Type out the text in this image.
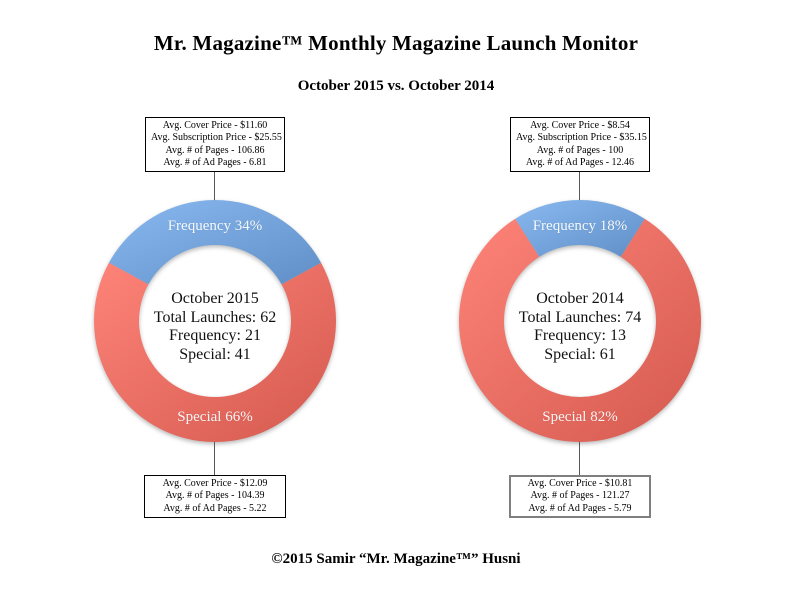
Mr. Magazine™ Monthly Magazine Launch Monitor
October 2015 vs. October 2014
Avg. Cover Price - $11.60
Avg. Subscription Price - $25.55
Avg. # of Pages - 106.86
Avg. # of Ad Pages - 6.81
Frequency 34%
Special 66%
October 2015
Total Launches: 62
Frequency: 21
Special: 41
Avg. Cover Price - $12.09
Avg. # of Pages - 104.39
Avg. # of Ad Pages - 5.22
Avg. Cover Price - $8.54
Avg. Subscription Price - $35.15
Avg. # of Pages - 100
Avg. # of Ad Pages - 12.46
Frequency 18%
Special 82%
October 2014
Total Launches: 74
Frequency: 13
Special: 61
Avg. Cover Price - $10.81
Avg. # of Pages - 121.27
Avg. # of Ad Pages - 5.79
©2015 Samir “Mr. Magazine™” Husni
